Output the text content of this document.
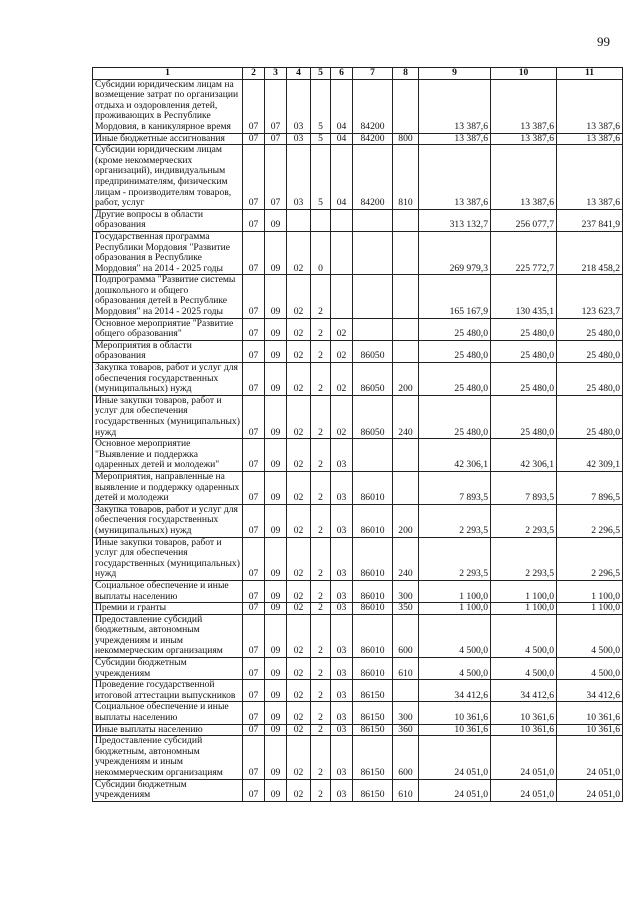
99
1	2	3	4	5	6	7	8	9	10	11
Субсидии юридическим лицам на возмещение затрат по организации отдыха и оздоровления детей, проживающих в Республике Мордовия, в каникулярное время	07	07	03	5	04	84200		13 387,6	13 387,6	13 387,6
Иные бюджетные ассигнования	07	07	03	5	04	84200	800	13 387,6	13 387,6	13 387,6
Субсидии юридическим лицам (кроме некоммерческих организаций), индивидуальным предпринимателям, физическим лицам - производителям товаров, работ, услуг	07	07	03	5	04	84200	810	13 387,6	13 387,6	13 387,6
Другие вопросы в области образования	07	09						313 132,7	256 077,7	237 841,9
Государственная программа Республики Мордовия "Развитие образования в Республике Мордовия" на 2014 - 2025 годы	07	09	02	0				269 979,3	225 772,7	218 458,2
Подпрограмма "Развитие системы дошкольного и общего образования детей в Республике Мордовия" на 2014 - 2025 годы	07	09	02	2				165 167,9	130 435,1	123 623,7
Основное мероприятие "Развитие общего образования"	07	09	02	2	02			25 480,0	25 480,0	25 480,0
Мероприятия в области образования	07	09	02	2	02	86050		25 480,0	25 480,0	25 480,0
Закупка товаров, работ и услуг для обеспечения государственных (муниципальных) нужд	07	09	02	2	02	86050	200	25 480,0	25 480,0	25 480,0
Иные закупки товаров, работ и услуг для обеспечения государственных (муниципальных) нужд	07	09	02	2	02	86050	240	25 480,0	25 480,0	25 480,0
Основное мероприятие "Выявление и поддержка одаренных детей и молодежи"	07	09	02	2	03			42 306,1	42 306,1	42 309,1
Мероприятия, направленные на выявление и поддержку одаренных детей и молодежи	07	09	02	2	03	86010		7 893,5	7 893,5	7 896,5
Закупка товаров, работ и услуг для обеспечения государственных (муниципальных) нужд	07	09	02	2	03	86010	200	2 293,5	2 293,5	2 296,5
Иные закупки товаров, работ и услуг для обеспечения государственных (муниципальных) нужд	07	09	02	2	03	86010	240	2 293,5	2 293,5	2 296,5
Социальное обеспечение и иные выплаты населению	07	09	02	2	03	86010	300	1 100,0	1 100,0	1 100,0
Премии и гранты	07	09	02	2	03	86010	350	1 100,0	1 100,0	1 100,0
Предоставление субсидий бюджетным, автономным учреждениям и иным некоммерческим организациям	07	09	02	2	03	86010	600	4 500,0	4 500,0	4 500,0
Субсидии бюджетным учреждениям	07	09	02	2	03	86010	610	4 500,0	4 500,0	4 500,0
Проведение государственной итоговой аттестации выпускников	07	09	02	2	03	86150		34 412,6	34 412,6	34 412,6
Социальное обеспечение и иные выплаты населению	07	09	02	2	03	86150	300	10 361,6	10 361,6	10 361,6
Иные выплаты населению	07	09	02	2	03	86150	360	10 361,6	10 361,6	10 361,6
Предоставление субсидий бюджетным, автономным учреждениям и иным некоммерческим организациям	07	09	02	2	03	86150	600	24 051,0	24 051,0	24 051,0
Субсидии бюджетным учреждениям	07	09	02	2	03	86150	610	24 051,0	24 051,0	24 051,0
